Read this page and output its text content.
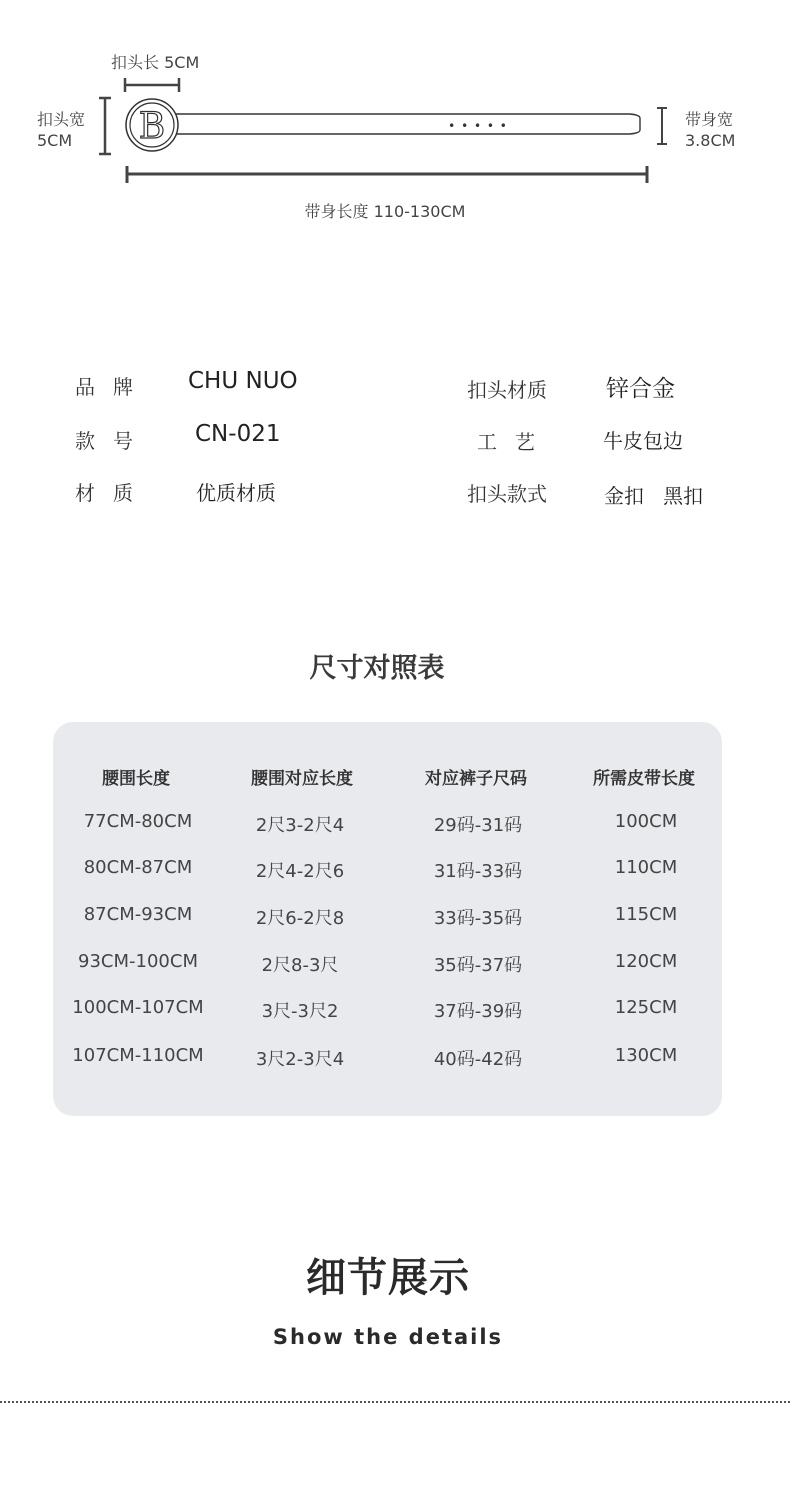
B	• • • • •
扣头长 5CM
扣头宽
5CM
带身宽
3.8CM
带身长度 110-130CM
品牌 CHU NUO
款号 CN-021
材质 优质材质
扣头材质	锌合金
工艺	牛皮包边
扣头款式	金扣   黑扣
尺寸对照表
腰围长度	腰围对应长度	对应裤子尺码	所需皮带长度
77CM-80CM	2尺3-2尺4	29码-31码	100CM
80CM-87CM	2尺4-2尺6	31码-33码	110CM
87CM-93CM	2尺6-2尺8	33码-35码	115CM
93CM-100CM	2尺8-3尺	35码-37码	120CM
100CM-107CM	3尺-3尺2	37码-39码	125CM
107CM-110CM	3尺2-3尺4	40码-42码	130CM
细节展示
Show the details
